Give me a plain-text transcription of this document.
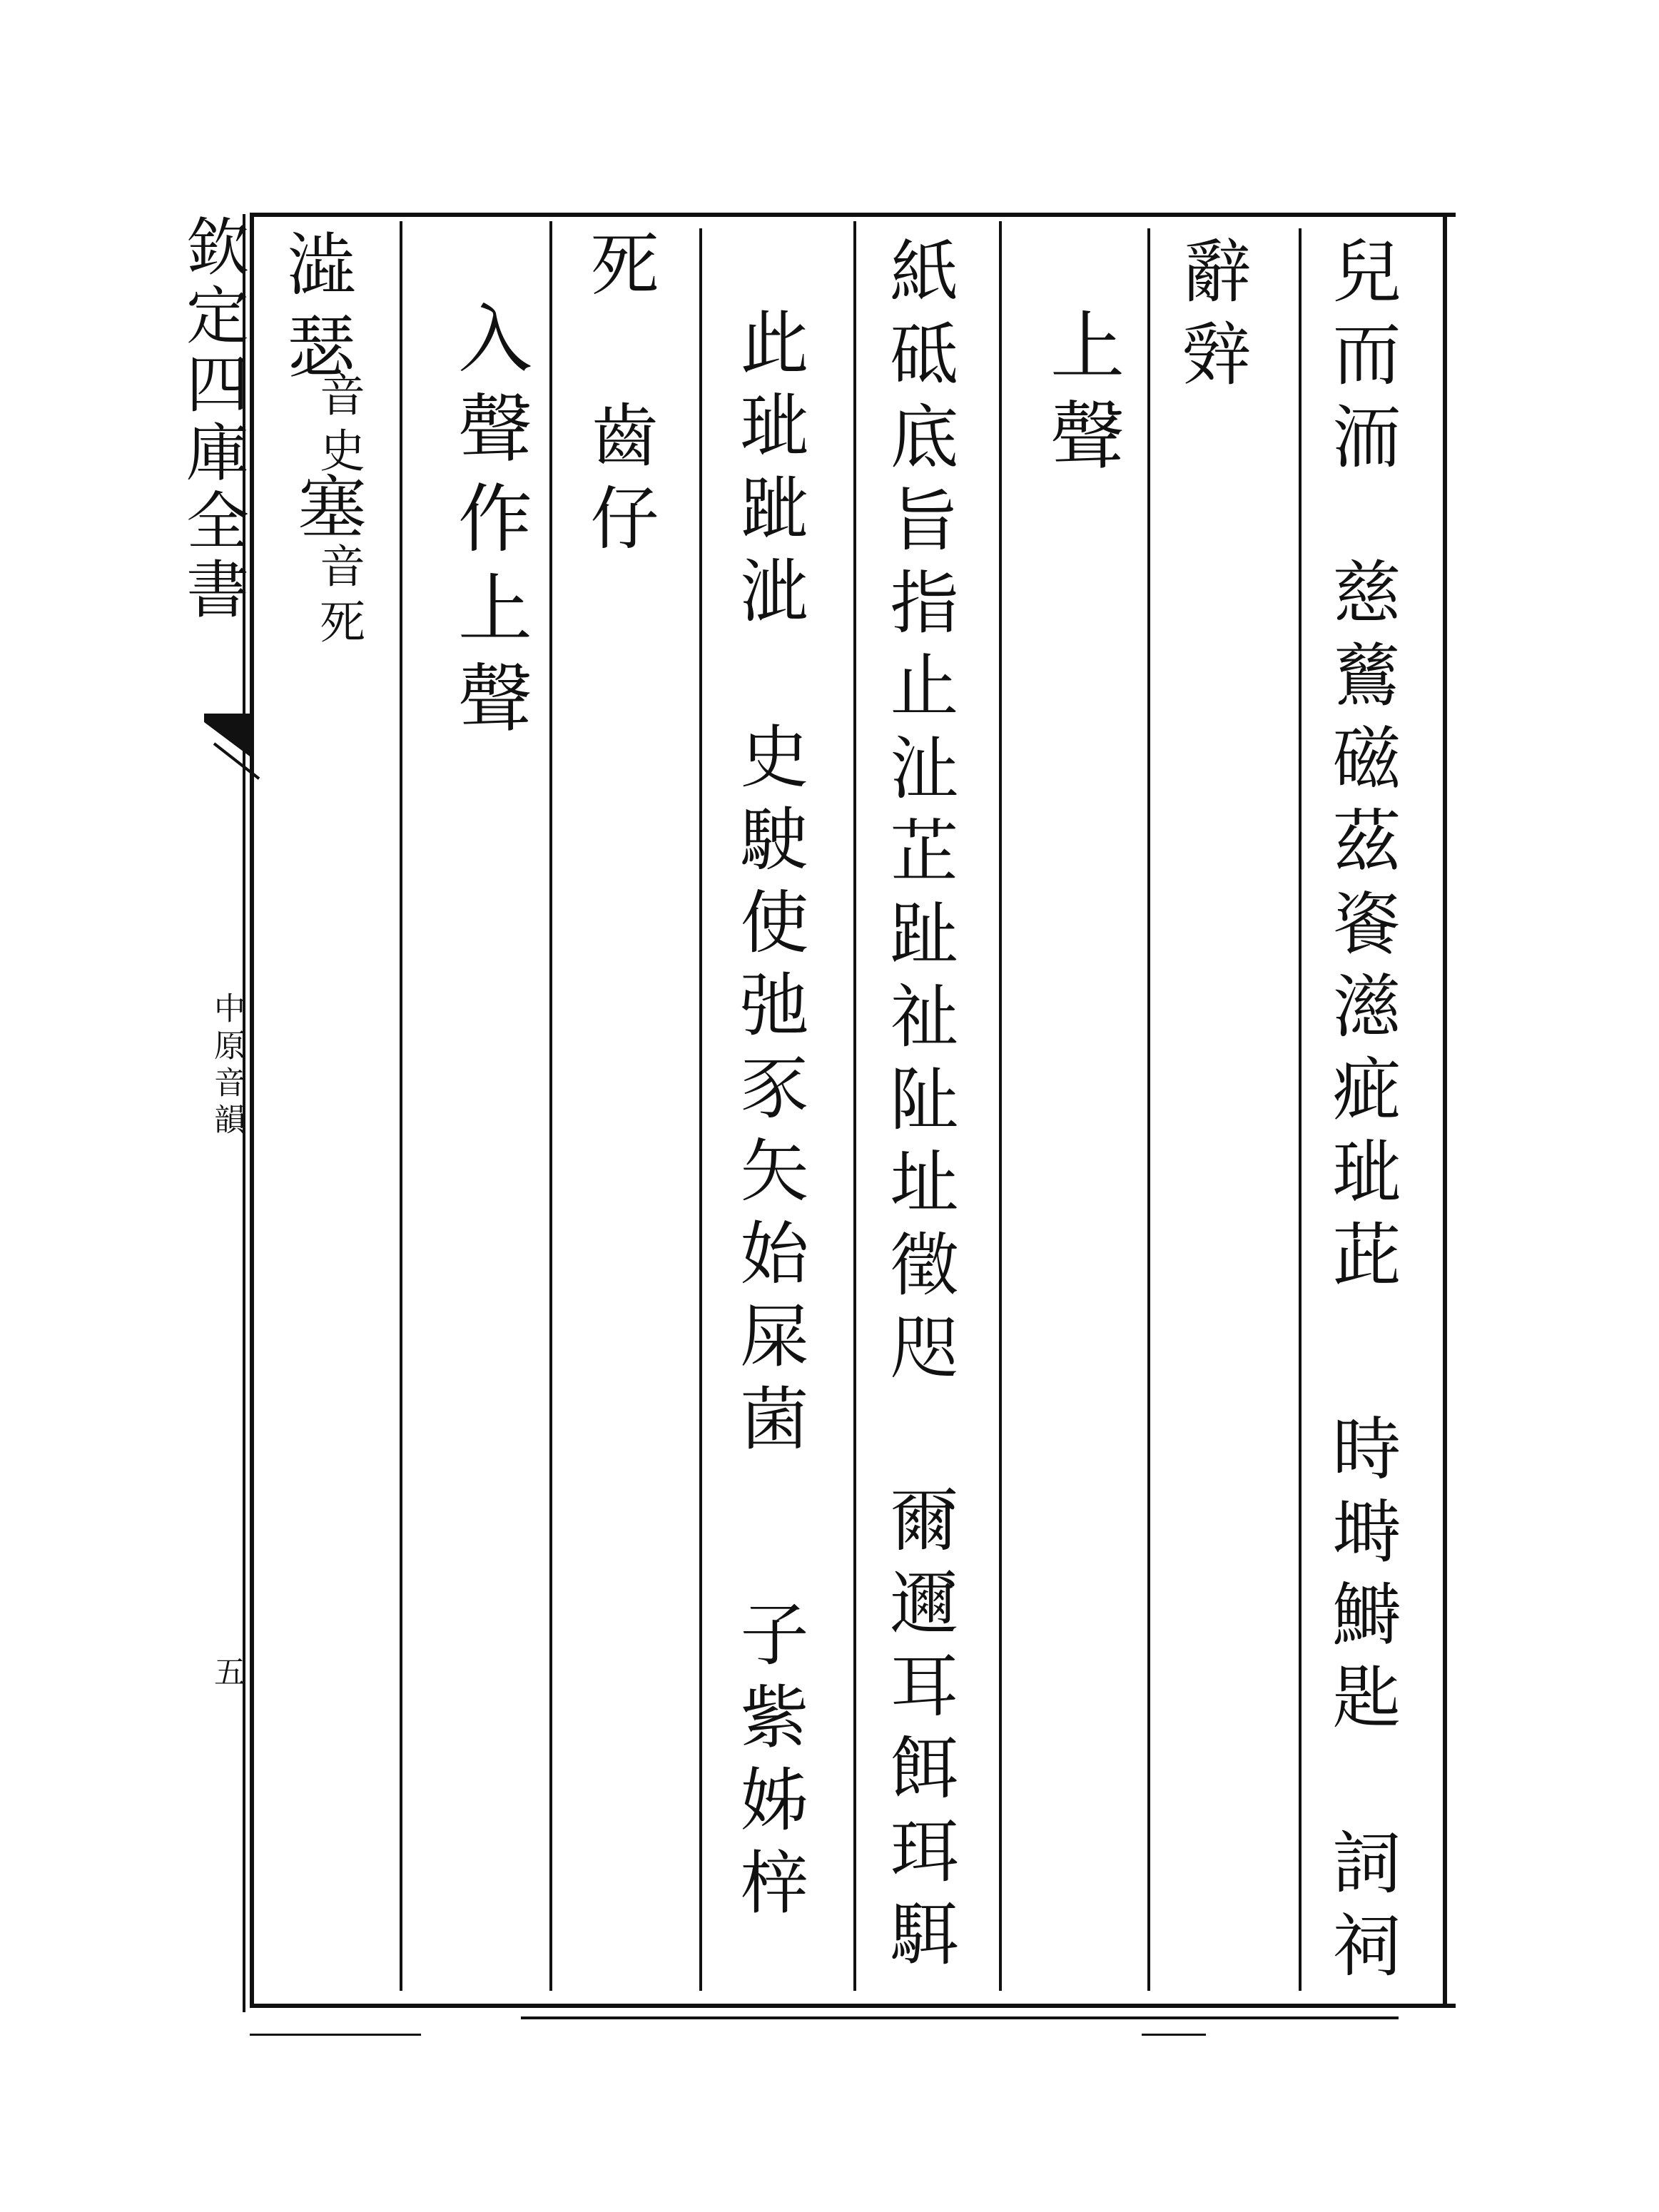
欽定四庫全書
中原音韻
五
兒而洏
慈鶿磁茲餈濨疵玼茈
時塒鰣匙
詞祠
辭辤
上聲
紙砥底旨指止沚芷趾祉阯址徵咫
爾邇耳餌珥駬
此玼跐泚
史駛使弛豕矢始屎菌
子紫姊梓
死
齒仔
入聲作上聲
澁瑟
音史
塞
音死
